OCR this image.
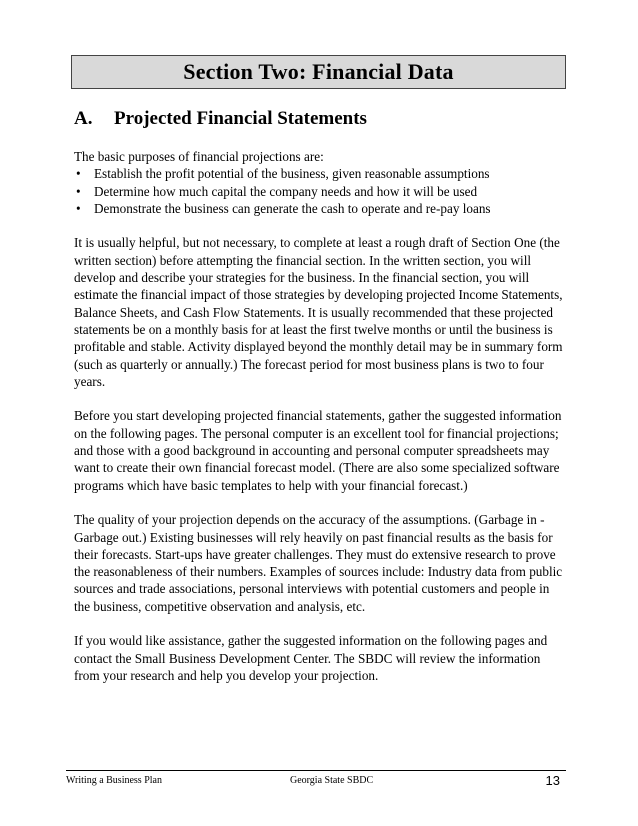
Section Two: Financial Data
A. Projected Financial Statements

The basic purposes of financial projections are:

• Establish the profit potential of the business, given reasonable assumptions
• Determine how much capital the company needs and how it will be used
• Demonstrate the business can generate the cash to operate and re-pay loans

It is usually helpful, but not necessary, to complete at least a rough draft of Section One (the written section) before attempting the financial section. In the written section, you will develop and describe your strategies for the business. In the financial section, you will estimate the financial impact of those strategies by developing projected Income Statements, Balance Sheets, and Cash Flow Statements. It is usually recommended that these projected statements be on a monthly basis for at least the first twelve months or until the business is profitable and stable. Activity displayed beyond the monthly detail may be in summary form (such as quarterly or annually.) The forecast period for most business plans is two to four years.

Before you start developing projected financial statements, gather the suggested information on the following pages. The personal computer is an excellent tool for financial projections; and those with a good background in accounting and personal computer spreadsheets may want to create their own financial forecast model. (There are also some specialized software programs which have basic templates to help with your financial forecast.)

The quality of your projection depends on the accuracy of the assumptions. (Garbage in - Garbage out.) Existing businesses will rely heavily on past financial results as the basis for their forecasts. Start-ups have greater challenges. They must do extensive research to prove the reasonableness of their numbers. Examples of sources include: Industry data from public sources and trade associations, personal interviews with potential customers and people in the business, competitive observation and analysis, etc.

If you would like assistance, gather the suggested information on the following pages and contact the Small Business Development Center. The SBDC will review the information from your research and help you develop your projection.

Writing a Business Plan	Georgia State SBDC	13
